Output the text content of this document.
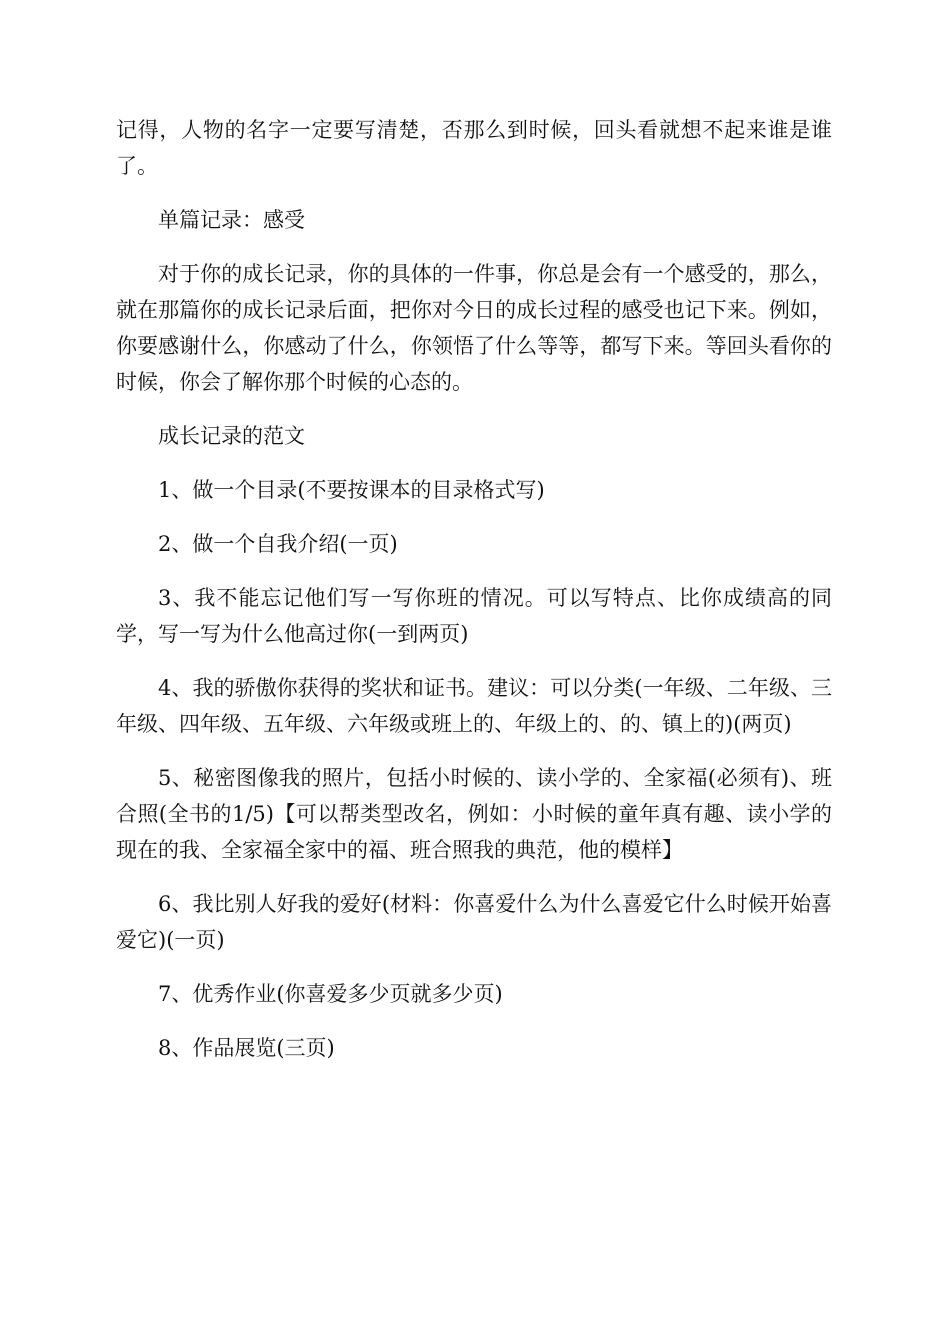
记得，人物的名字一定要写清楚，否那么到时候，回头看就想不起来谁是谁了。

单篇记录：感受

对于你的成长记录，你的具体的一件事，你总是会有一个感受的，那么，就在那篇你的成长记录后面，把你对今日的成长过程的感受也记下来。例如，你要感谢什么，你感动了什么，你领悟了什么等等，都写下来。等回头看你的时候，你会了解你那个时候的心态的。

成长记录的范文

1、做一个目录(不要按课本的目录格式写)

2、做一个自我介绍(一页)

3、我不能忘记他们写一写你班的情况。可以写特点、比你成绩高的同学，写一写为什么他高过你(一到两页)

4、我的骄傲你获得的奖状和证书。建议：可以分类(一年级、二年级、三年级、四年级、五年级、六年级或班上的、年级上的、的、镇上的)(两页)

5、秘密图像我的照片，包括小时候的、读小学的、全家福(必须有)、班合照(全书的1/5)【可以帮类型改名，例如：小时候的童年真有趣、读小学的现在的我、全家福全家中的福、班合照我的典范，他的模样】

6、我比别人好我的爱好(材料：你喜爱什么为什么喜爱它什么时候开始喜爱它)(一页)

7、优秀作业(你喜爱多少页就多少页)

8、作品展览(三页)
